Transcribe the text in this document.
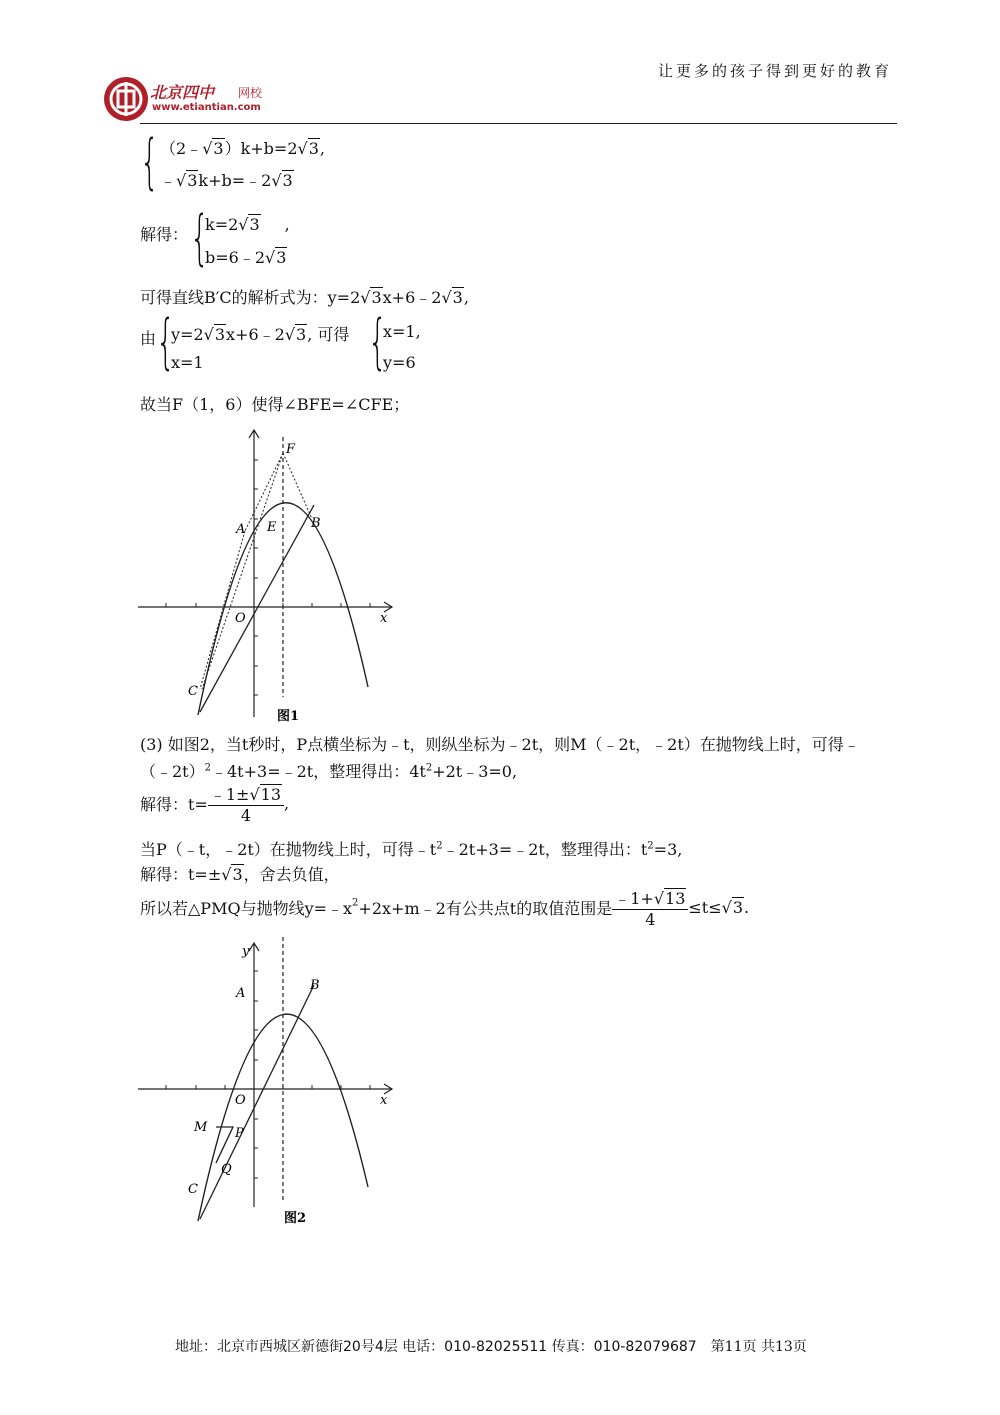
让更多的孩子得到更好的教育
北京四中 网校
www.etiantian.com
{ （2﹣√3）k+b=2√3,
﹣√3k+b=﹣2√3
解得： {
k=2√3 ,
b=6﹣2√3
可得直线B′C的解析式为：y=2√3x+6﹣2√3,
由 {
y=2√3x+6﹣2√3, 可得
x=1	{
x=1,
y=6
故当F（1，6）使得∠BFE=∠CFE；
F
A E	B
O	x
C
图1
(3) 如图2，当t秒时，P点横坐标为﹣t，则纵坐标为﹣2t，则M（﹣2t，﹣2t）在抛物线上时，可得﹣
（﹣2t）$^2$﹣4t+3=﹣2t，整理得出：$4t^2+2t﹣3=0$,
解得：$t= \frac{﹣1\pm√13}{4}$ ,
当P（﹣t，﹣2t）在抛物线上时，可得$﹣t^2﹣2t+3=﹣2t$，整理得出：$t^2=3$,
解得：t=±√3，舍去负值，
所以若△PMQ与抛物线$y=﹣x^2+2x+m﹣2$有公共点t的取值范围是 $\frac{﹣1+√13}{4} \le t\le√3$.
y
A
B
O	x
M P
Q
C
图2
地址：北京市西城区新德街20号4层 电话：010-82025511 传真：010-82079687 第11页 共13页
